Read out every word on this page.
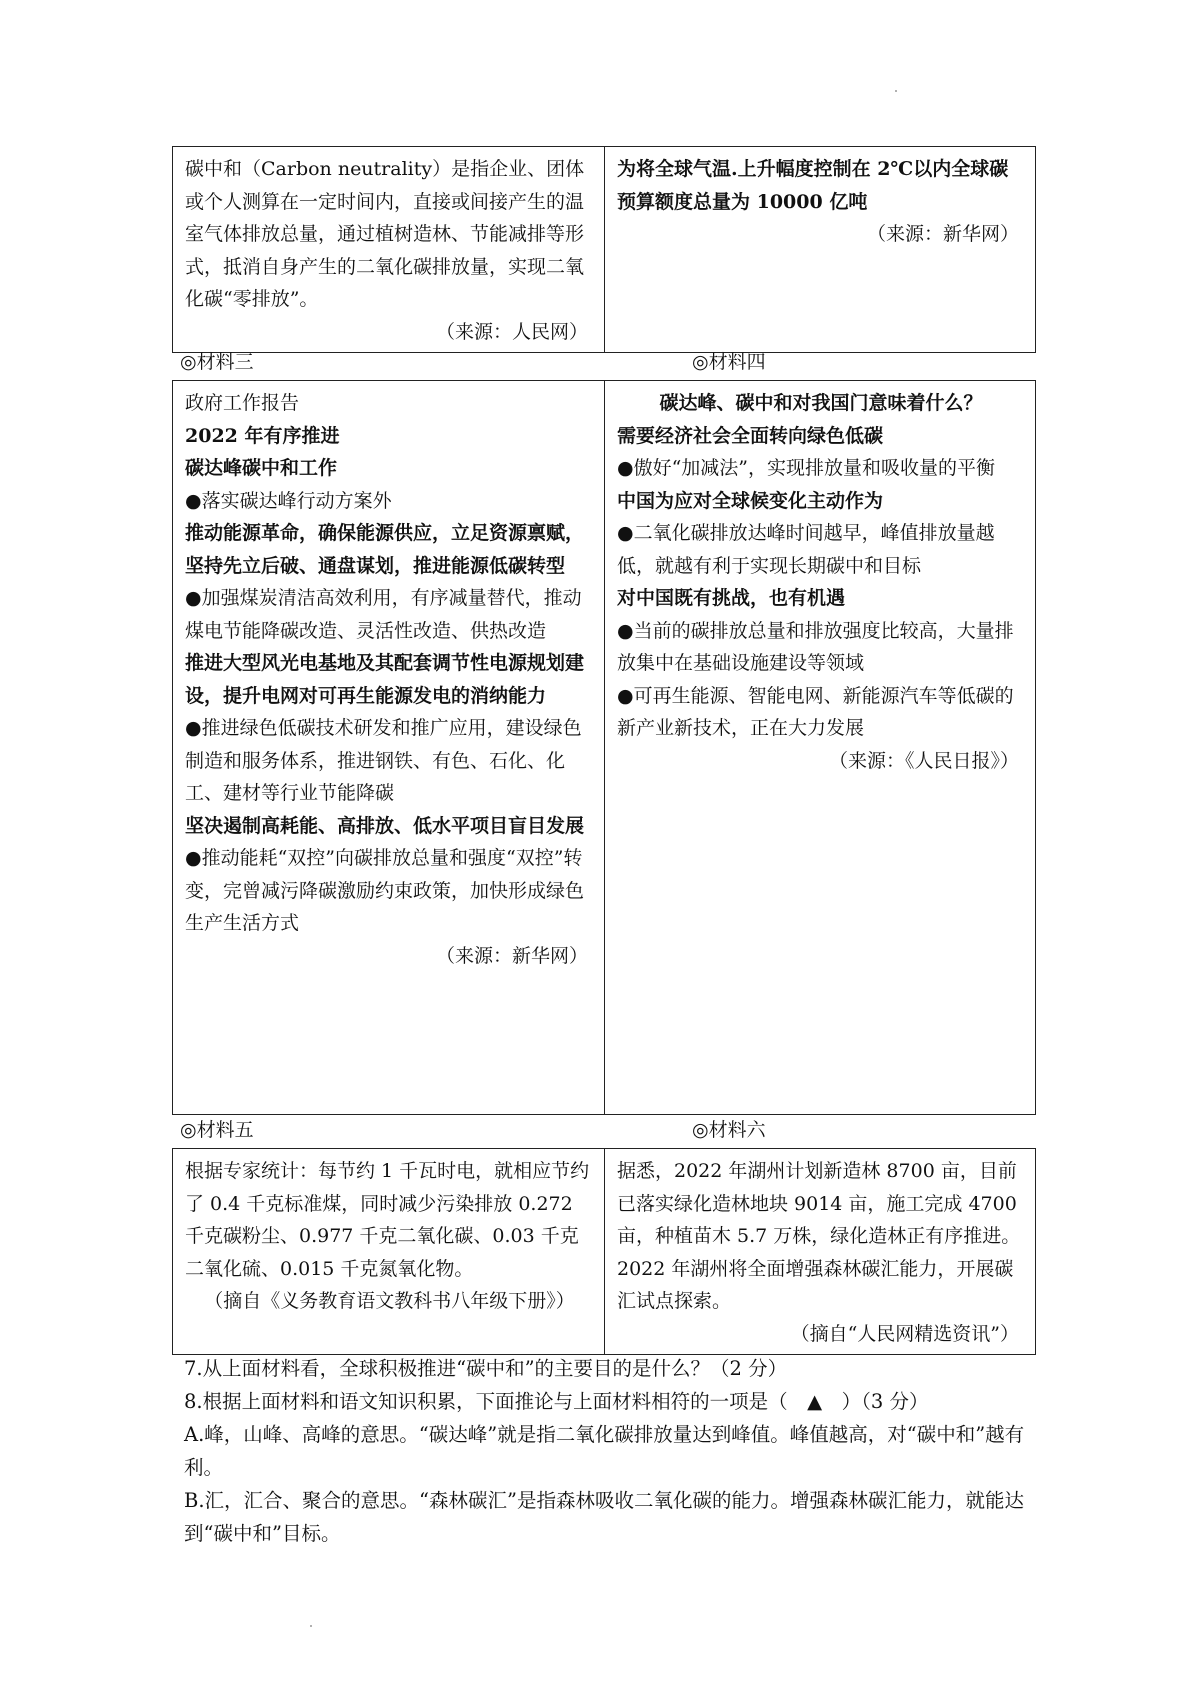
碳中和（Carbon neutrality）是指企业、团体或个人测算在一定时间内，直接或间接产生的温室气体排放总量，通过植树造林、节能减排等形式，抵消自身产生的二氧化碳排放量，实现二氧化碳“零排放”。
（来源：人民网）

为将全球气温.上升幅度控制在 2℃以内全球碳预算额度总量为 10000 亿吨
（来源：新华网）
◎材料三	◎材料四
政府工作报告
2022 年有序推进
碳达峰碳中和工作
●落实碳达峰行动方案外
推动能源革命，确保能源供应，立足资源禀赋，坚持先立后破、通盘谋划，推进能源低碳转型
●加强煤炭清洁高效利用，有序减量替代，推动煤电节能降碳改造、灵活性改造、供热改造
推进大型风光电基地及其配套调节性电源规划建设，提升电网对可再生能源发电的消纳能力
●推进绿色低碳技术研发和推广应用，建设绿色制造和服务体系，推进钢铁、有色、石化、化工、建材等行业节能降碳
坚决遏制高耗能、高排放、低水平项目盲目发展
●推动能耗“双控”向碳排放总量和强度“双控”转变，完曾减污降碳激励约束政策，加快形成绿色生产生活方式
（来源：新华网）

碳达峰、碳中和对我国门意味着什么？
需要经济社会全面转向绿色低碳
●傲好“加减法”，实现排放量和吸收量的平衡
中国为应对全球候变化主动作为
●二氧化碳排放达峰时间越早，峰值排放量越低，就越有利于实现长期碳中和目标
对中国既有挑战，也有机遇
●当前的碳排放总量和排放强度比较高，大量排放集中在基础设施建设等领域
●可再生能源、智能电网、新能源汽车等低碳的新产业新技术，正在大力发展
（来源：《人民日报》）
◎材料五	◎材料六
根据专家统计：每节约 1 千瓦时电，就相应节约了 0.4 千克标准煤，同时减少污染排放 0.272 千克碳粉尘、0.977 千克二氧化碳、0.03 千克二氧化硫、0.015 千克氮氧化物。
（摘自《义务教育语文教科书八年级下册》）

据悉，2022 年湖州计划新造林 8700 亩，目前已落实绿化造林地块 9014 亩，施工完成 4700 亩，种植苗木 5.7 万株，绿化造林正有序推进。2022 年湖州将全面增强森林碳汇能力，开展碳汇试点探索。
（摘自“人民网精选资讯”）
7.从上面材料看，全球积极推进“碳中和”的主要目的是什么？（2 分）
8.根据上面材料和语文知识积累，下面推论与上面材料相符的一项是（　▲　）（3 分）
A.峰，山峰、高峰的意思。“碳达峰”就是指二氧化碳排放量达到峰值。峰值越高，对“碳中和”越有利。
B.汇，汇合、聚合的意思。“森林碳汇”是指森林吸收二氧化碳的能力。增强森林碳汇能力，就能达到“碳中和”目标。
